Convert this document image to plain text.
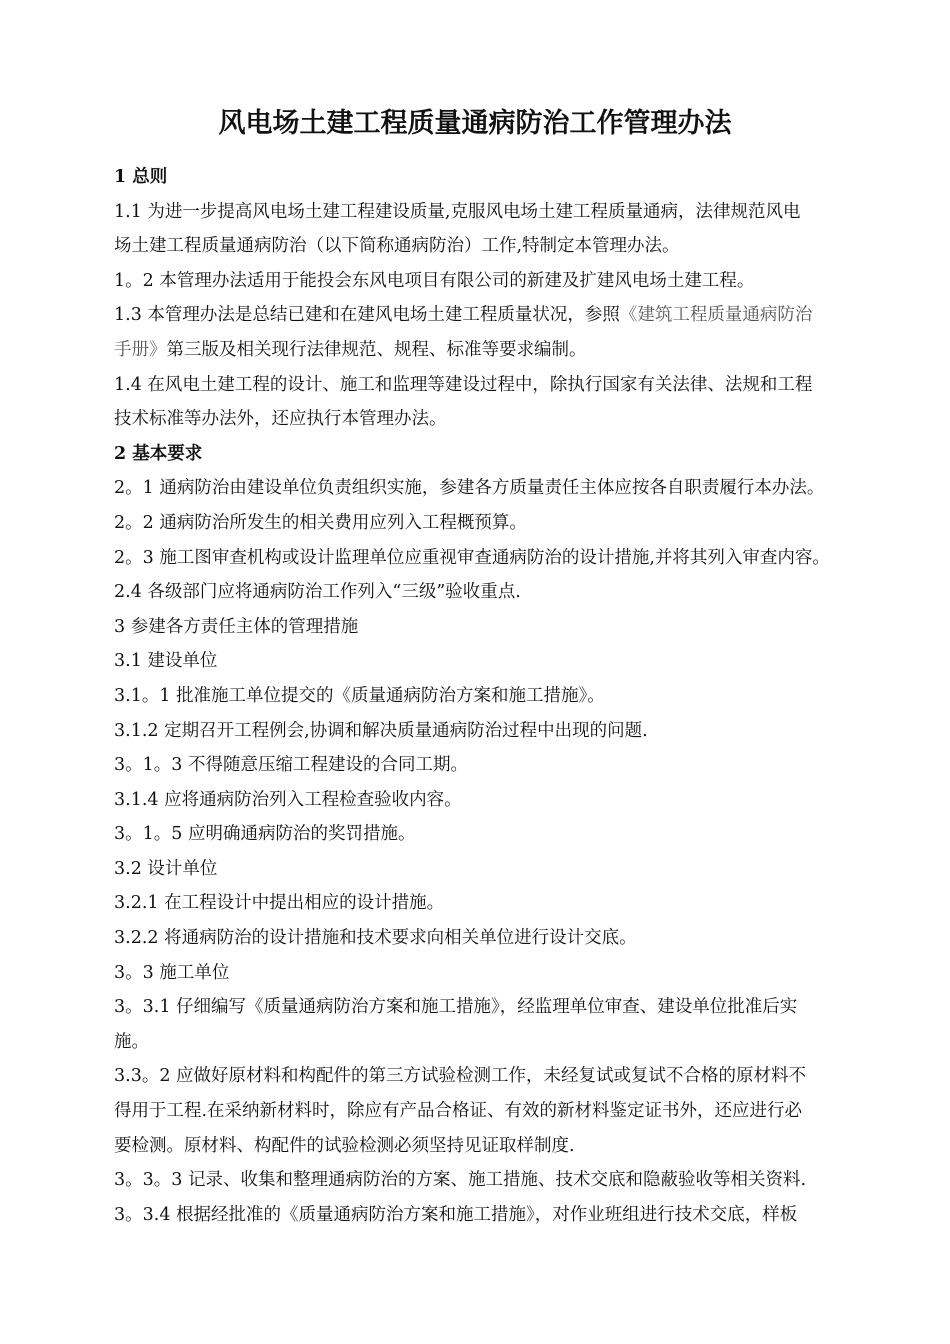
风电场土建工程质量通病防治工作管理办法
1 总则
1.1 为进一步提高风电场土建工程建设质量,克服风电场土建工程质量通病，法律规范风电
场土建工程质量通病防治（以下简称通病防治）工作,特制定本管理办法。
1。2 本管理办法适用于能投会东风电项目有限公司的新建及扩建风电场土建工程。
1.3 本管理办法是总结已建和在建风电场土建工程质量状况，参照《建筑工程质量通病防治
手册》第三版及相关现行法律规范、规程、标准等要求编制。
1.4 在风电土建工程的设计、施工和监理等建设过程中，除执行国家有关法律、法规和工程
技术标准等办法外，还应执行本管理办法。
2 基本要求
2。1 通病防治由建设单位负责组织实施，参建各方质量责任主体应按各自职责履行本办法。
2。2 通病防治所发生的相关费用应列入工程概预算。
2。3 施工图审查机构或设计监理单位应重视审查通病防治的设计措施,并将其列入审查内容。
2.4 各级部门应将通病防治工作列入“三级”验收重点.
3 参建各方责任主体的管理措施
3.1 建设单位
3.1。1 批准施工单位提交的《质量通病防治方案和施工措施》。
3.1.2 定期召开工程例会,协调和解决质量通病防治过程中出现的问题.
3。1。3 不得随意压缩工程建设的合同工期。
3.1.4 应将通病防治列入工程检查验收内容。
3。1。5 应明确通病防治的奖罚措施。
3.2 设计单位
3.2.1 在工程设计中提出相应的设计措施。
3.2.2 将通病防治的设计措施和技术要求向相关单位进行设计交底。
3。3 施工单位
3。3.1 仔细编写《质量通病防治方案和施工措施》，经监理单位审查、建设单位批准后实
施。
3.3。2 应做好原材料和构配件的第三方试验检测工作，未经复试或复试不合格的原材料不
得用于工程.在采纳新材料时，除应有产品合格证、有效的新材料鉴定证书外，还应进行必
要检测。原材料、构配件的试验检测必须坚持见证取样制度.
3。3。3 记录、收集和整理通病防治的方案、施工措施、技术交底和隐蔽验收等相关资料.
3。3.4 根据经批准的《质量通病防治方案和施工措施》，对作业班组进行技术交底，样板
